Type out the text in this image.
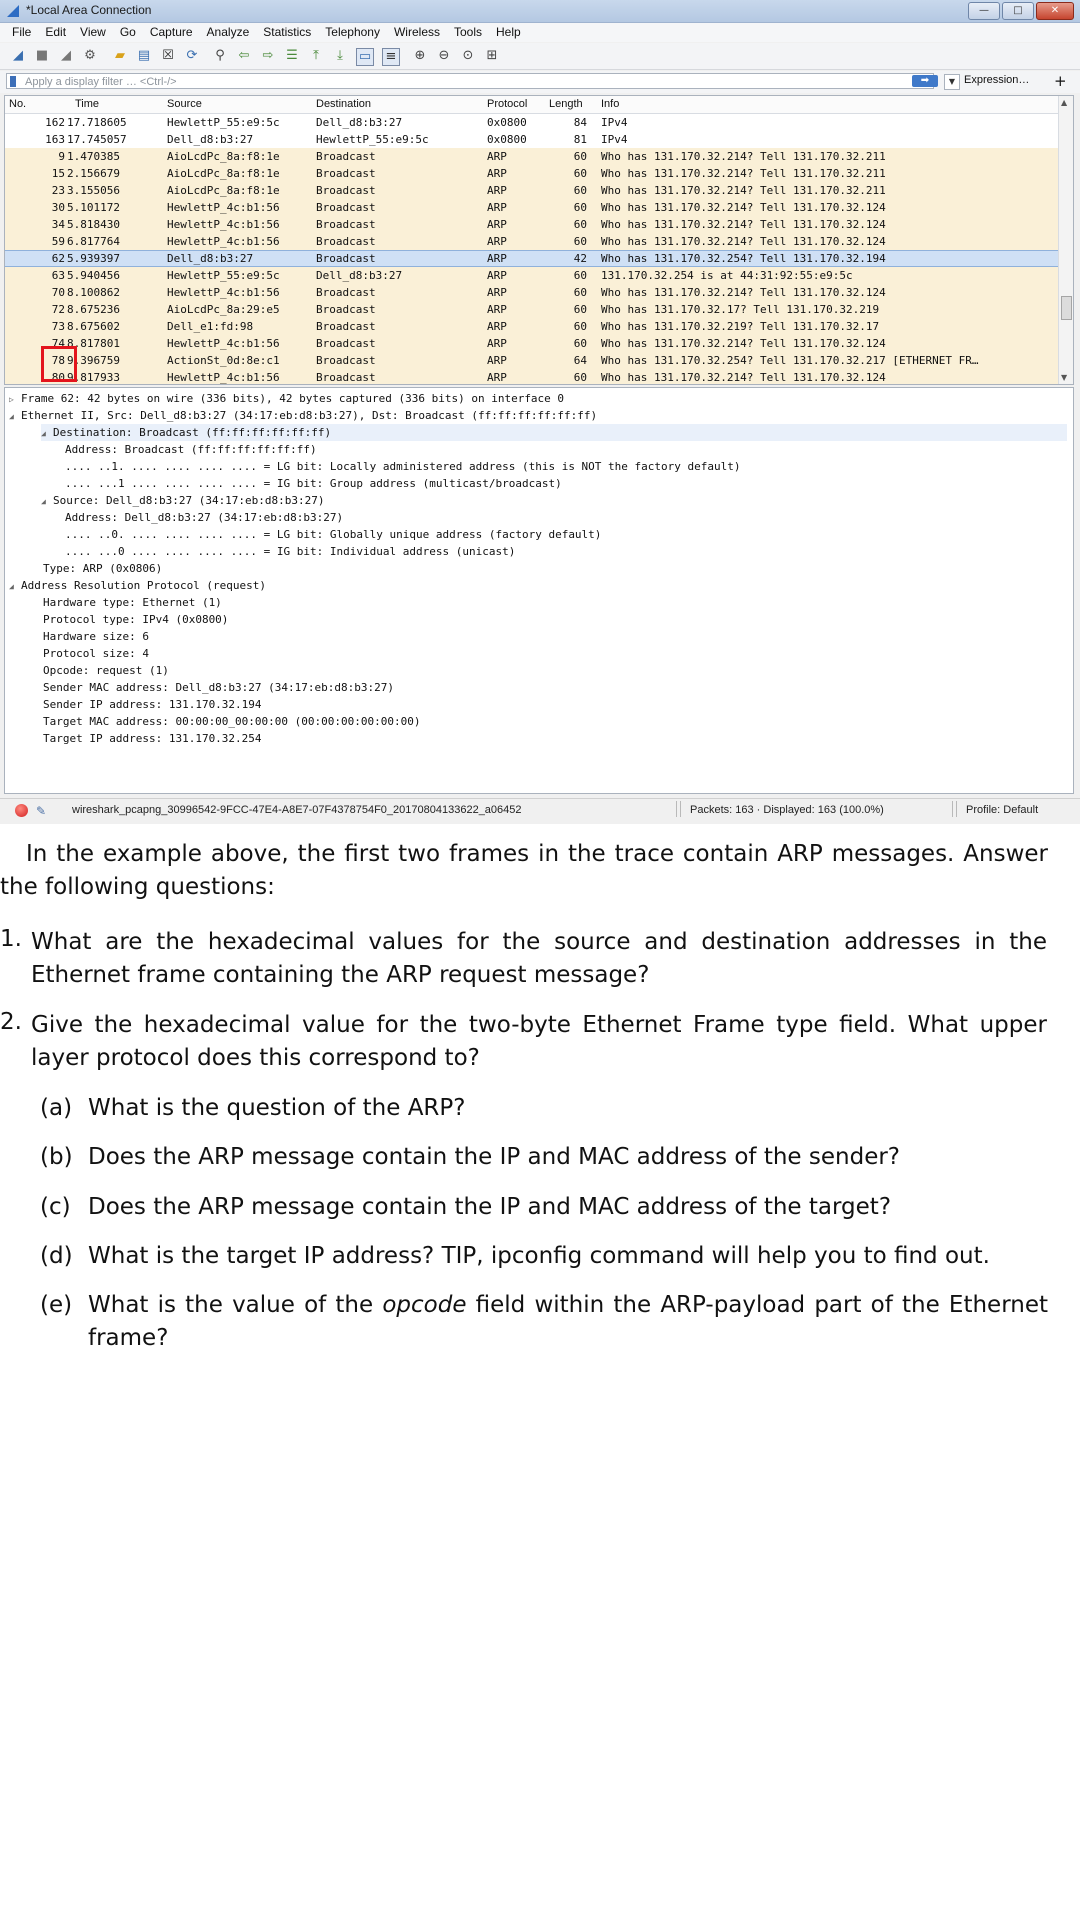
*Local Area Connection	—	□	✕
File	Edit	View	Go	Capture	Analyze	Statistics	Telephony	Wireless	Tools	Help
◢ ■ ◢ ⚙ ▰ ▤ ☒ ⟳ ⚲ ⇦ ⇨ ☰	⤒	⤓	▭ ≡ ⊕ ⊖ ⊙ ⊞
Apply a display filter … <Ctrl-/>	➡	▼ Expression… +
No.	Time	Source	Destination	Protocol Length Info
162 17.718605	HewlettP_55:e9:5c	Dell_d8:b3:27	0x0800	84 IPv4
163 17.745057	Dell_d8:b3:27	HewlettP_55:e9:5c	0x0800	81 IPv4
9 1.470385	AioLcdPc_8a:f8:1e	Broadcast	ARP	60 Who has 131.170.32.214? Tell 131.170.32.211
15 2.156679	AioLcdPc_8a:f8:1e	Broadcast	ARP	60 Who has 131.170.32.214? Tell 131.170.32.211
23 3.155056	AioLcdPc_8a:f8:1e	Broadcast	ARP	60 Who has 131.170.32.214? Tell 131.170.32.211
30 5.101172	HewlettP_4c:b1:56	Broadcast	ARP	60 Who has 131.170.32.214? Tell 131.170.32.124
34 5.818430	HewlettP_4c:b1:56	Broadcast	ARP	60 Who has 131.170.32.214? Tell 131.170.32.124
59 6.817764	HewlettP_4c:b1:56	Broadcast	ARP	60 Who has 131.170.32.214? Tell 131.170.32.124
62 5.939397	Dell_d8:b3:27	Broadcast	ARP	42 Who has 131.170.32.254? Tell 131.170.32.194
63 5.940456	HewlettP_55:e9:5c	Dell_d8:b3:27	ARP	60 131.170.32.254 is at 44:31:92:55:e9:5c
70 8.100862	HewlettP_4c:b1:56	Broadcast	ARP	60 Who has 131.170.32.214? Tell 131.170.32.124
72 8.675236	AioLcdPc_8a:29:e5	Broadcast	ARP	60 Who has 131.170.32.17? Tell 131.170.32.219
73 8.675602	Dell_e1:fd:98	Broadcast	ARP	60 Who has 131.170.32.219? Tell 131.170.32.17
74 8.817801	HewlettP_4c:b1:56	Broadcast	ARP	60 Who has 131.170.32.214? Tell 131.170.32.124
78 9.396759	ActionSt_0d:8e:c1	Broadcast	ARP	64 Who has 131.170.32.254? Tell 131.170.32.217 [ETHERNET FR…
80 9.817933	HewlettP_4c:b1:56	Broadcast	ARP	60 Who has 131.170.32.214? Tell 131.170.32.124
▲
▼
▷ Frame 62: 42 bytes on wire (336 bits), 42 bytes captured (336 bits) on interface 0
◢ Ethernet II, Src: Dell_d8:b3:27 (34:17:eb:d8:b3:27), Dst: Broadcast (ff:ff:ff:ff:ff:ff)
◢ Destination: Broadcast (ff:ff:ff:ff:ff:ff)
Address: Broadcast (ff:ff:ff:ff:ff:ff)
.... ..1. .... .... .... .... = LG bit: Locally administered address (this is NOT the factory default)
.... ...1 .... .... .... .... = IG bit: Group address (multicast/broadcast)
◢ Source: Dell_d8:b3:27 (34:17:eb:d8:b3:27)
Address: Dell_d8:b3:27 (34:17:eb:d8:b3:27)
.... ..0. .... .... .... .... = LG bit: Globally unique address (factory default)
.... ...0 .... .... .... .... = IG bit: Individual address (unicast)
Type: ARP (0x0806)
◢ Address Resolution Protocol (request)
Hardware type: Ethernet (1)
Protocol type: IPv4 (0x0800)
Hardware size: 6
Protocol size: 4
Opcode: request (1)
Sender MAC address: Dell_d8:b3:27 (34:17:eb:d8:b3:27)
Sender IP address: 131.170.32.194
Target MAC address: 00:00:00_00:00:00 (00:00:00:00:00:00)
Target IP address: 131.170.32.254
✎ wireshark_pcapng_30996542-9FCC-47E4-A8E7-07F4378754F0_20170804133622_a06452	Packets: 163 · Displayed: 163 (100.0%)	Profile: Default
In the example above, the first two frames in the trace contain ARP messages. Answer the following questions:
1. What are the hexadecimal values for the source and destination addresses in the Ethernet frame containing the ARP request message?
2. Give the hexadecimal value for the two-byte Ethernet Frame type field. What upper layer protocol does this correspond to?
(a) What is the question of the ARP?
(b) Does the ARP message contain the IP and MAC address of the sender?
(c) Does the ARP message contain the IP and MAC address of the target?
(d) What is the target IP address? TIP, ipconfig command will help you to find out.
(e) What is the value of the opcode field within the ARP-payload part of the Ethernet frame?
